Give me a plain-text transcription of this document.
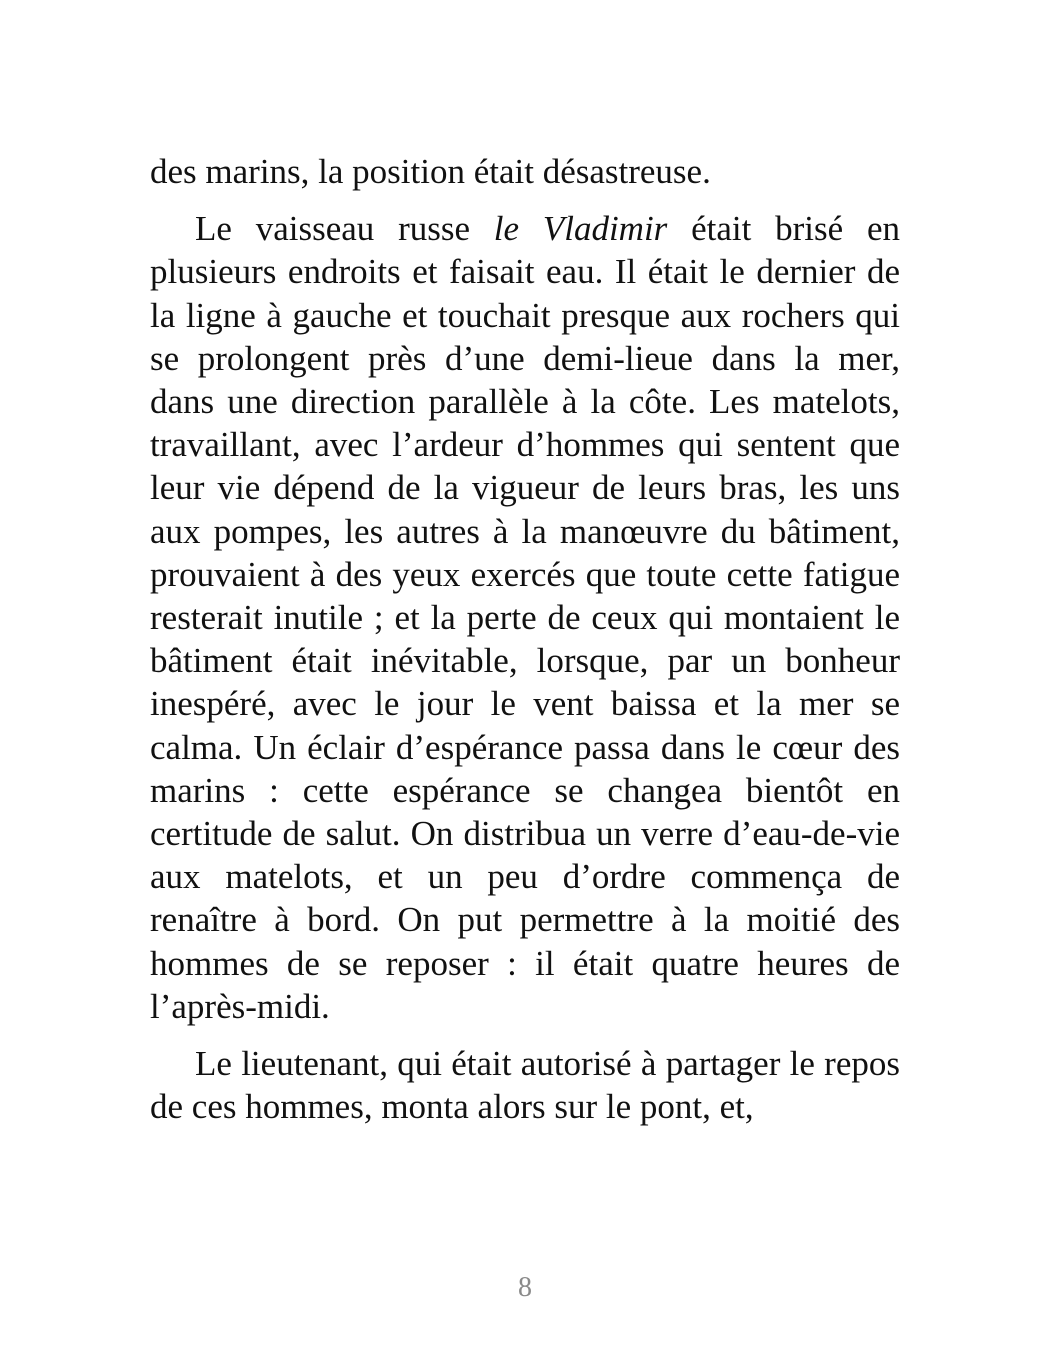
des marins, la position était désastreuse.

Le vaisseau russe le Vladimir était brisé en plusieurs endroits et faisait eau. Il était le dernier de la ligne à gauche et touchait presque aux rochers qui se prolongent près d’une demi-lieue dans la mer, dans une direction parallèle à la côte. Les matelots, travaillant, avec l’ardeur d’hommes qui sentent que leur vie dépend de la vigueur de leurs bras, les uns aux pompes, les autres à la manœuvre du bâtiment, prouvaient à des yeux exercés que toute cette fatigue resterait inutile ; et la perte de ceux qui montaient le bâtiment était inévitable, lorsque, par un bonheur inespéré, avec le jour le vent baissa et la mer se calma. Un éclair d’espérance passa dans le cœur des marins : cette espérance se changea bientôt en certitude de salut. On distribua un verre d’eau-de-vie aux matelots, et un peu d’ordre commença de renaître à bord. On put permettre à la moitié des hommes de se reposer : il était quatre heures de l’après-midi.

Le lieutenant, qui était autorisé à partager le repos de ces hommes, monta alors sur le pont, et,

8
